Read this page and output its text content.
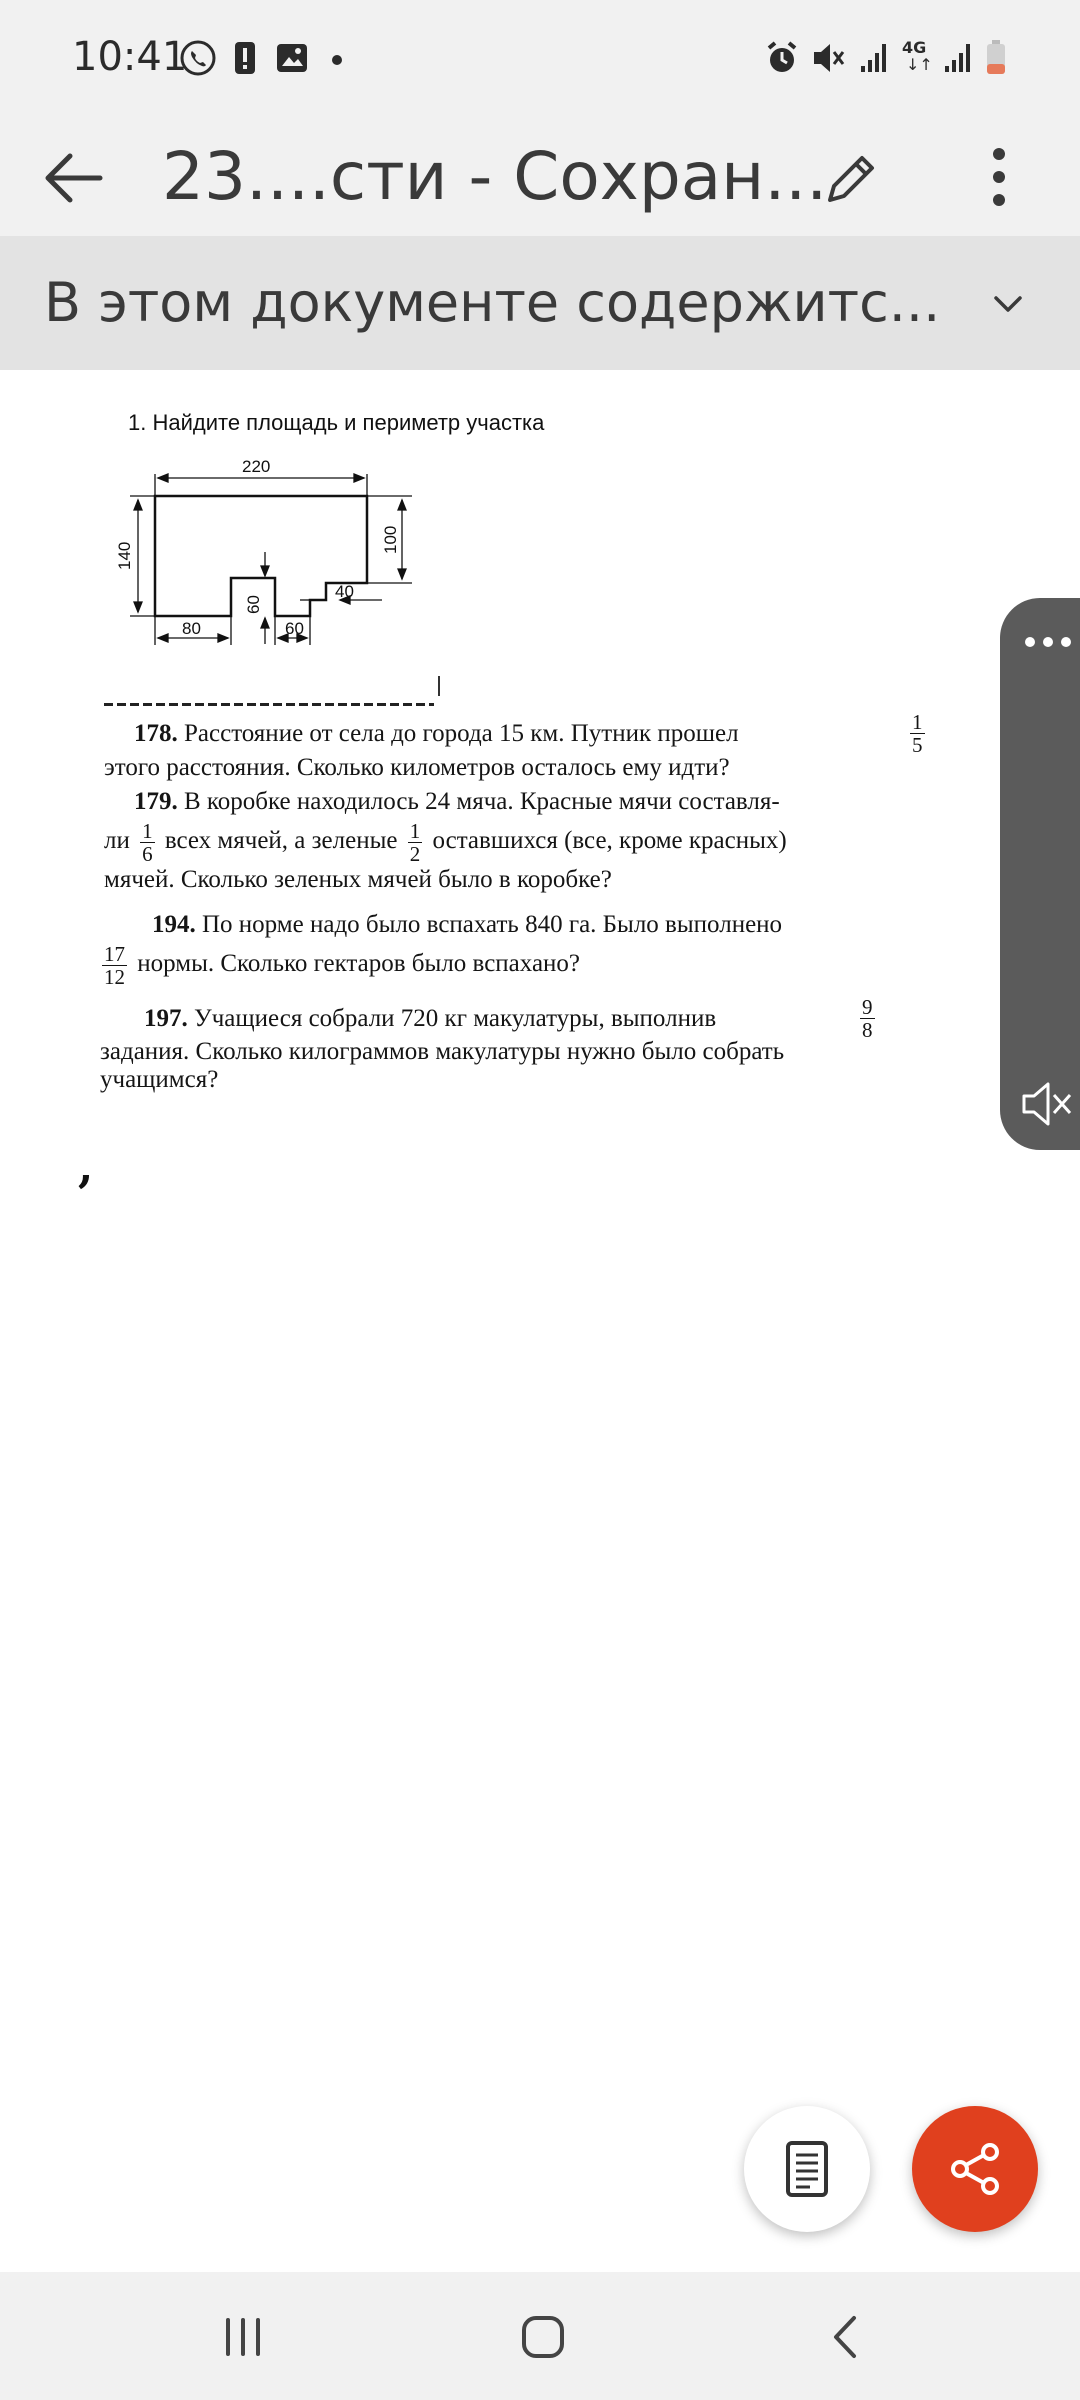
10:41	4G
↓↑
23....сти - Сохран...
В этом документе содержитс...
1. Найдите площадь и периметр участка
220
140
100
60
40
80	60
178. Расстояние от села до города 15 км. Путник прошел	$\frac{1}{5}$
этого расстояния. Сколько километров осталось ему идти?
179. В коробке находилось 24 мяча. Красные мячи составля-
ли $\frac{1}{6}$ всех мячей, а зеленые $\frac{1}{2}$ оставшихся (все, кроме красных)
мячей. Сколько зеленых мячей было в коробке?
194. По норме надо было вспахать 840 га. Было выполнено
$\frac{17}{12}$ нормы. Сколько гектаров было вспахано?
197. Учащиеся собрали 720 кг макулатуры, выполнив	$\frac{9}{8}$
задания. Сколько килограммов макулатуры нужно было собрать
учащимся?
,
